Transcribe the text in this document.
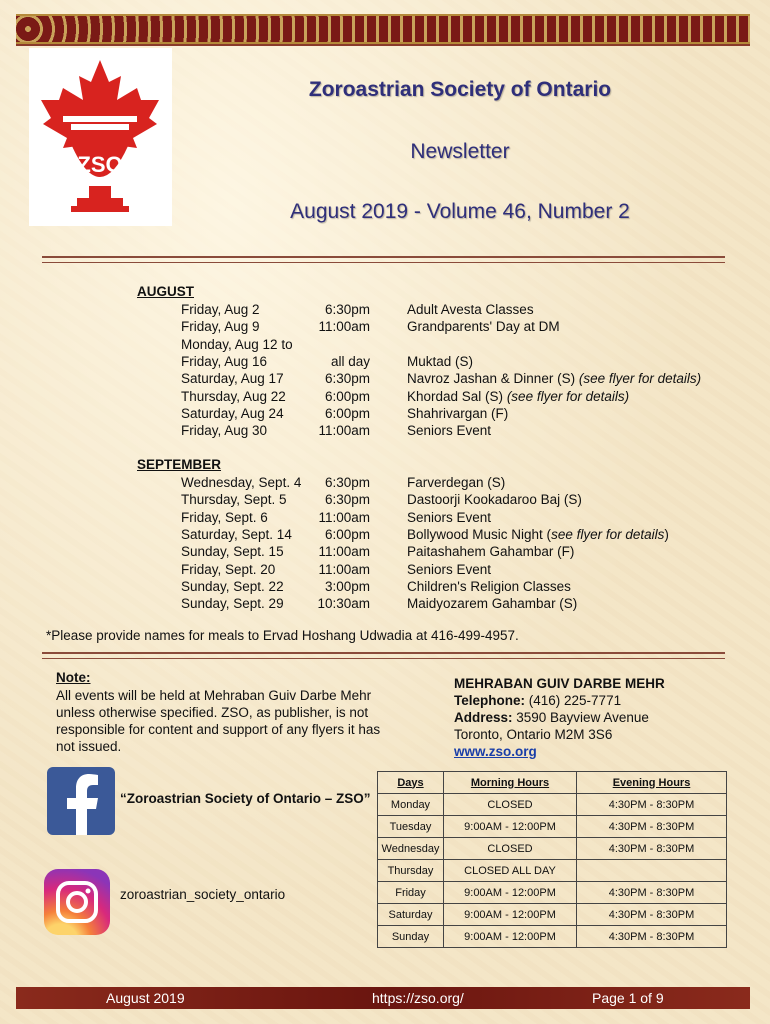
ZSO
Zoroastrian Society of Ontario
Newsletter
August 2019 - Volume 46, Number 2
AUGUST
Friday, Aug 2	6:30pm	Adult Avesta Classes
Friday, Aug 9	11:00am	Grandparents' Day at DM
Monday, Aug 12 to
Friday, Aug 16	all day	Muktad (S)
Saturday, Aug 17	6:30pm	Navroz Jashan & Dinner (S) (see flyer for details)
Thursday, Aug 22	6:00pm	Khordad Sal (S) (see flyer for details)
Saturday, Aug 24	6:00pm	Shahrivargan (F)
Friday, Aug 30	11:00am	Seniors Event
SEPTEMBER
Wednesday, Sept. 4	6:30pm	Farverdegan (S)
Thursday, Sept. 5	6:30pm	Dastoorji Kookadaroo Baj (S)
Friday, Sept. 6	11:00am	Seniors Event
Saturday, Sept. 14	6:00pm	Bollywood Music Night (see flyer for details)
Sunday, Sept. 15	11:00am	Paitashahem Gahambar (F)
Friday, Sept. 20	11:00am	Seniors Event
Sunday, Sept. 22	3:00pm	Children's Religion Classes
Sunday, Sept. 29	10:30am	Maidyozarem Gahambar (S)
*Please provide names for meals to Ervad Hoshang Udwadia at 416-499-4957.
Note:
All events will be held at Mehraban Guiv Darbe Mehr unless otherwise specified. ZSO, as publisher, is not responsible for content and support of any flyers it has not issued.
MEHRABAN GUIV DARBE MEHR
Telephone: (416) 225-7771
Address: 3590 Bayview Avenue
Toronto, Ontario M2M 3S6
www.zso.org
“Zoroastrian Society of Ontario – ZSO”
zoroastrian_society_ontario
Days	Morning Hours	Evening Hours
Monday	CLOSED	4:30PM - 8:30PM
Tuesday	9:00AM - 12:00PM	4:30PM - 8:30PM
Wednesday	CLOSED	4:30PM - 8:30PM
Thursday	CLOSED ALL DAY	
Friday	9:00AM - 12:00PM	4:30PM - 8:30PM
Saturday	9:00AM - 12:00PM	4:30PM - 8:30PM
Sunday	9:00AM - 12:00PM	4:30PM - 8:30PM
August 2019	https://zso.org/	Page 1 of 9
